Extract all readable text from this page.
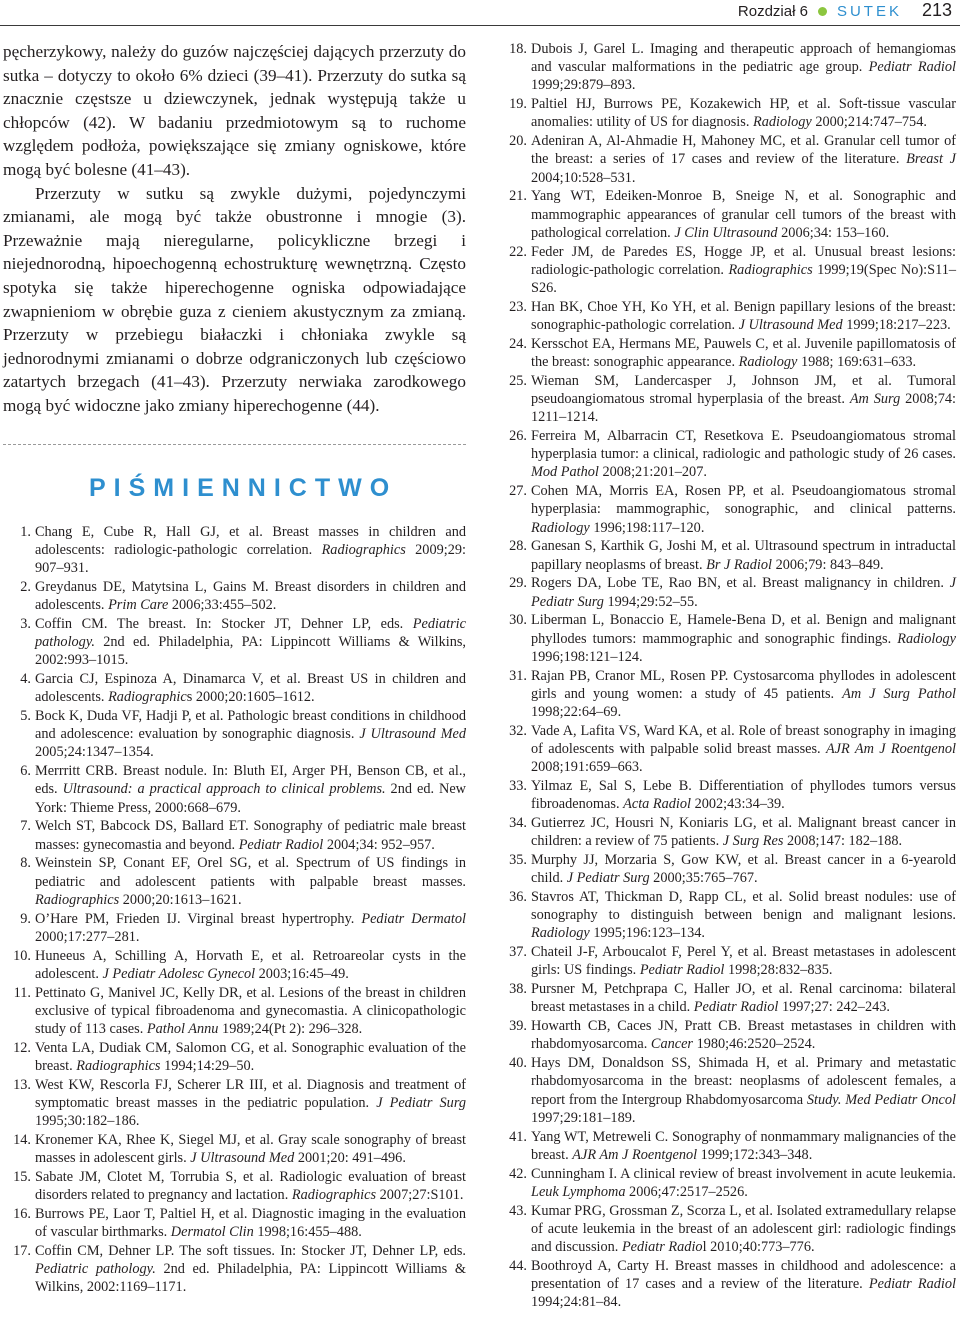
Rozdział 6 SUTEK 213

pęcherzykowy, należy do guzów najczęściej dających przerzuty do sutka – dotyczy to około 6% dzieci (39–41). Przerzuty do sutka są znacznie częstsze u dziewczynek, jednak występują także u chłopców (42). W badaniu przedmiotowym są to ruchome względem podłoża, powiększające się zmiany ogniskowe, które mogą być bolesne (41–43).

Przerzuty w sutku są zwykle dużymi, pojedynczymi zmianami, ale mogą być także obustronne i mnogie (3). Przeważnie mają nieregularne, policykliczne brzegi i niejednorodną, hipoechogenną echostrukturę wewnętrzną. Często spotyka się także hiperechogenne ogniska odpowiadające zwapnieniom w obrębie guza z cieniem akustycznym za zmianą. Przerzuty w przebiegu białaczki i chłoniaka zwykle są jednorodnymi zmianami o dobrze odgraniczonych lub częściowo zatartych brzegach (41–43). Przerzuty nerwiaka zarodkowego mogą być widoczne jako zmiany hiperechogenne (44).

PIŚMIENNICTWO
1. Chang E, Cube R, Hall GJ, et al. Breast masses in children and adolescents: radiologic-pathologic correlation. Radiographics 2009;29: 907–931.
2. Greydanus DE, Matytsina L, Gains M. Breast disorders in children and adolescents. Prim Care 2006;33:455–502.
3. Coffin CM. The breast. In: Stocker JT, Dehner LP, eds. Pediatric pathology. 2nd ed. Philadelphia, PA: Lippincott Williams & Wilkins, 2002:993–1015.
4. Garcia CJ, Espinoza A, Dinamarca V, et al. Breast US in children and adolescents. Radiographics 2000;20:1605–1612.
5. Bock K, Duda VF, Hadji P, et al. Pathologic breast conditions in childhood and adolescence: evaluation by sonographic diagnosis. J Ultrasound Med 2005;24:1347–1354.
6. Merrritt CRB. Breast nodule. In: Bluth EI, Arger PH, Benson CB, et al., eds. Ultrasound: a practical approach to clinical problems. 2nd ed. New York: Thieme Press, 2000:668–679.
7. Welch ST, Babcock DS, Ballard ET. Sonography of pediatric male breast masses: gynecomastia and beyond. Pediatr Radiol 2004;34: 952–957.
8. Weinstein SP, Conant EF, Orel SG, et al. Spectrum of US findings in pediatric and adolescent patients with palpable breast masses. Radiographics 2000;20:1613–1621.
9. O’Hare PM, Frieden IJ. Virginal breast hypertrophy. Pediatr Dermatol 2000;17:277–281.
10. Huneeus A, Schilling A, Horvath E, et al. Retroareolar cysts in the adolescent. J Pediatr Adolesc Gynecol 2003;16:45–49.
11. Pettinato G, Manivel JC, Kelly DR, et al. Lesions of the breast in children exclusive of typical fibroadenoma and gynecomastia. A clinicopathologic study of 113 cases. Pathol Annu 1989;24(Pt 2): 296–328.
12. Venta LA, Dudiak CM, Salomon CG, et al. Sonographic evaluation of the breast. Radiographics 1994;14:29–50.
13. West KW, Rescorla FJ, Scherer LR III, et al. Diagnosis and treatment of symptomatic breast masses in the pediatric population. J Pediatr Surg 1995;30:182–186.
14. Kronemer KA, Rhee K, Siegel MJ, et al. Gray scale sonography of breast masses in adolescent girls. J Ultrasound Med 2001;20: 491–496.
15. Sabate JM, Clotet M, Torrubia S, et al. Radiologic evaluation of breast disorders related to pregnancy and lactation. Radiographics 2007;27:S101.
16. Burrows PE, Laor T, Paltiel H, et al. Diagnostic imaging in the evaluation of vascular birthmarks. Dermatol Clin 1998;16:455–488.
17. Coffin CM, Dehner LP. The soft tissues. In: Stocker JT, Dehner LP, eds. Pediatric pathology. 2nd ed. Philadelphia, PA: Lippincott Williams & Wilkins, 2002:1169–1171.
18. Dubois J, Garel L. Imaging and therapeutic approach of hemangiomas and vascular malformations in the pediatric age group. Pediatr Radiol 1999;29:879–893.
19. Paltiel HJ, Burrows PE, Kozakewich HP, et al. Soft-tissue vascular anomalies: utility of US for diagnosis. Radiology 2000;214:747–754.
20. Adeniran A, Al-Ahmadie H, Mahoney MC, et al. Granular cell tumor of the breast: a series of 17 cases and review of the literature. Breast J 2004;10:528–531.
21. Yang WT, Edeiken-Monroe B, Sneige N, et al. Sonographic and mammographic appearances of granular cell tumors of the breast with pathological correlation. J Clin Ultrasound 2006;34: 153–160.
22. Feder JM, de Paredes ES, Hogge JP, et al. Unusual breast lesions: radiologic-pathologic correlation. Radiographics 1999;19(Spec No):S11–S26.
23. Han BK, Choe YH, Ko YH, et al. Benign papillary lesions of the breast: sonographic-pathologic correlation. J Ultrasound Med 1999;18:217–223.
24. Kersschot EA, Hermans ME, Pauwels C, et al. Juvenile papillomatosis of the breast: sonographic appearance. Radiology 1988; 169:631–633.
25. Wieman SM, Landercasper J, Johnson JM, et al. Tumoral pseudoangiomatous stromal hyperplasia of the breast. Am Surg 2008;74: 1211–1214.
26. Ferreira M, Albarracin CT, Resetkova E. Pseudoangiomatous stromal hyperplasia tumor: a clinical, radiologic and pathologic study of 26 cases. Mod Pathol 2008;21:201–207.
27. Cohen MA, Morris EA, Rosen PP, et al. Pseudoangiomatous stromal hyperplasia: mammographic, sonographic, and clinical patterns. Radiology 1996;198:117–120.
28. Ganesan S, Karthik G, Joshi M, et al. Ultrasound spectrum in intraductal papillary neoplasms of breast. Br J Radiol 2006;79: 843–849.
29. Rogers DA, Lobe TE, Rao BN, et al. Breast malignancy in children. J Pediatr Surg 1994;29:52–55.
30. Liberman L, Bonaccio E, Hamele-Bena D, et al. Benign and malignant phyllodes tumors: mammographic and sonographic findings. Radiology 1996;198:121–124.
31. Rajan PB, Cranor ML, Rosen PP. Cystosarcoma phyllodes in adolescent girls and young women: a study of 45 patients. Am J Surg Pathol 1998;22:64–69.
32. Vade A, Lafita VS, Ward KA, et al. Role of breast sonography in imaging of adolescents with palpable solid breast masses. AJR Am J Roentgenol 2008;191:659–663.
33. Yilmaz E, Sal S, Lebe B. Differentiation of phyllodes tumors versus fibroadenomas. Acta Radiol 2002;43:34–39.
34. Gutierrez JC, Housri N, Koniaris LG, et al. Malignant breast cancer in children: a review of 75 patients. J Surg Res 2008;147: 182–188.
35. Murphy JJ, Morzaria S, Gow KW, et al. Breast cancer in a 6-yearold child. J Pediatr Surg 2000;35:765–767.
36. Stavros AT, Thickman D, Rapp CL, et al. Solid breast nodules: use of sonography to distinguish between benign and malignant lesions. Radiology 1995;196:123–134.
37. Chateil J-F, Arboucalot F, Perel Y, et al. Breast metastases in adolescent girls: US findings. Pediatr Radiol 1998;28:832–835.
38. Pursner M, Petchprapa C, Haller JO, et al. Renal carcinoma: bilateral breast metastases in a child. Pediatr Radiol 1997;27: 242–243.
39. Howarth CB, Caces JN, Pratt CB. Breast metastases in children with rhabdomyosarcoma. Cancer 1980;46:2520–2524.
40. Hays DM, Donaldson SS, Shimada H, et al. Primary and metastatic rhabdomyosarcoma in the breast: neoplasms of adolescent females, a report from the Intergroup Rhabdomyosarcoma Study. Med Pediatr Oncol 1997;29:181–189.
41. Yang WT, Metreweli C. Sonography of nonmammary malignancies of the breast. AJR Am J Roentgenol 1999;172:343–348.
42. Cunningham I. A clinical review of breast involvement in acute leukemia. Leuk Lymphoma 2006;47:2517–2526.
43. Kumar PRG, Grossman Z, Scorza L, et al. Isolated extramedullary relapse of acute leukemia in the breast of an adolescent girl: radiologic findings and discussion. Pediatr Radiol 2010;40:773–776.
44. Boothroyd A, Carty H. Breast masses in childhood and adolescence: a presentation of 17 cases and a review of the literature. Pediatr Radiol 1994;24:81–84.
